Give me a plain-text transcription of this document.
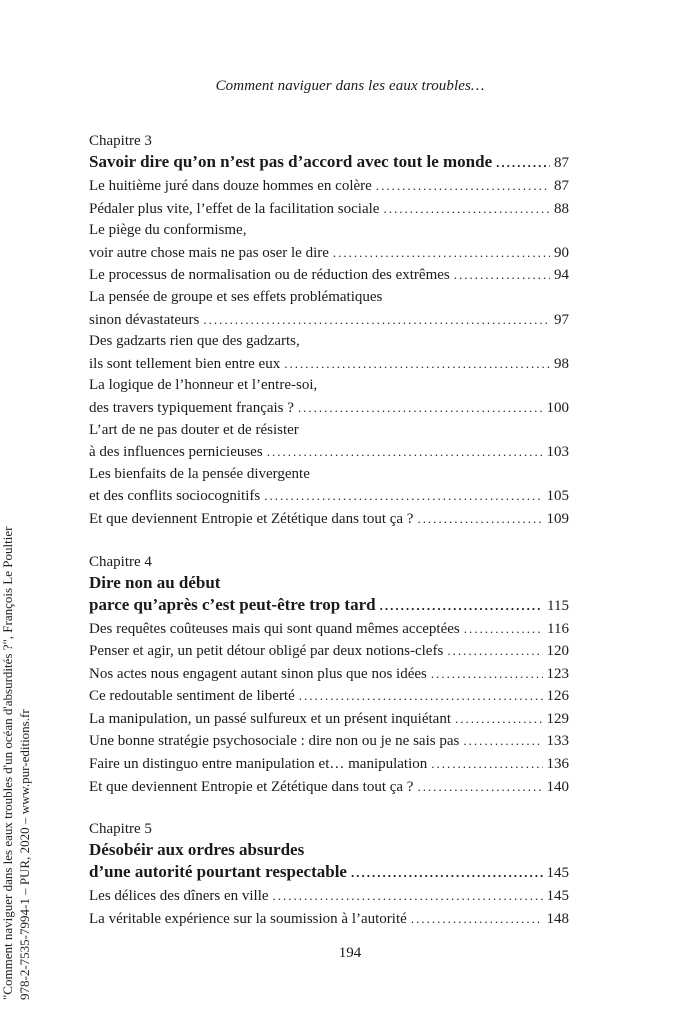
Comment naviguer dans les eaux troubles…
Chapitre 3
Savoir dire qu’on n’est pas d’accord avec tout le monde .....	87
Le huitième juré dans douze hommes en colère .....	87
Pédaler plus vite, l’effet de la facilitation sociale .....	88
Le piège du conformisme,
voir autre chose mais ne pas oser le dire .....	90
Le processus de normalisation ou de réduction des extrêmes .....	94
La pensée de groupe et ses effets problématiques
sinon dévastateurs .....	97
Des gadzarts rien que des gadzarts,
ils sont tellement bien entre eux .....	98
La logique de l’honneur et l’entre-soi,
des travers typiquement français ? .....	100
L’art de ne pas douter et de résister
à des influences pernicieuses .....	103
Les bienfaits de la pensée divergente
et des conflits sociocognitifs .....	105
Et que deviennent Entropie et Zététique dans tout ça ? .....	109
Chapitre 4
Dire non au début
parce qu’après c’est peut-être trop tard .....	115
Des requêtes coûteuses mais qui sont quand mêmes acceptées .....	116
Penser et agir, un petit détour obligé par deux notions-clefs .....	120
Nos actes nous engagent autant sinon plus que nos idées .....	123
Ce redoutable sentiment de liberté .....	126
La manipulation, un passé sulfureux et un présent inquiétant .....	129
Une bonne stratégie psychosociale : dire non ou je ne sais pas .....	133
Faire un distinguo entre manipulation et… manipulation .....	136
Et que deviennent Entropie et Zététique dans tout ça ? .....	140
Chapitre 5
Désobéir aux ordres absurdes
d’une autorité pourtant respectable .....	145
Les délices des dîners en ville .....	145
La véritable expérience sur la soumission à l’autorité .....	148
194
"Comment naviguer dans les eaux troubles d'un océan d'absurdités ?", François Le Poultier 978-2-7535-7994-1 – PUR, 2020 – www.pur-editions.fr
